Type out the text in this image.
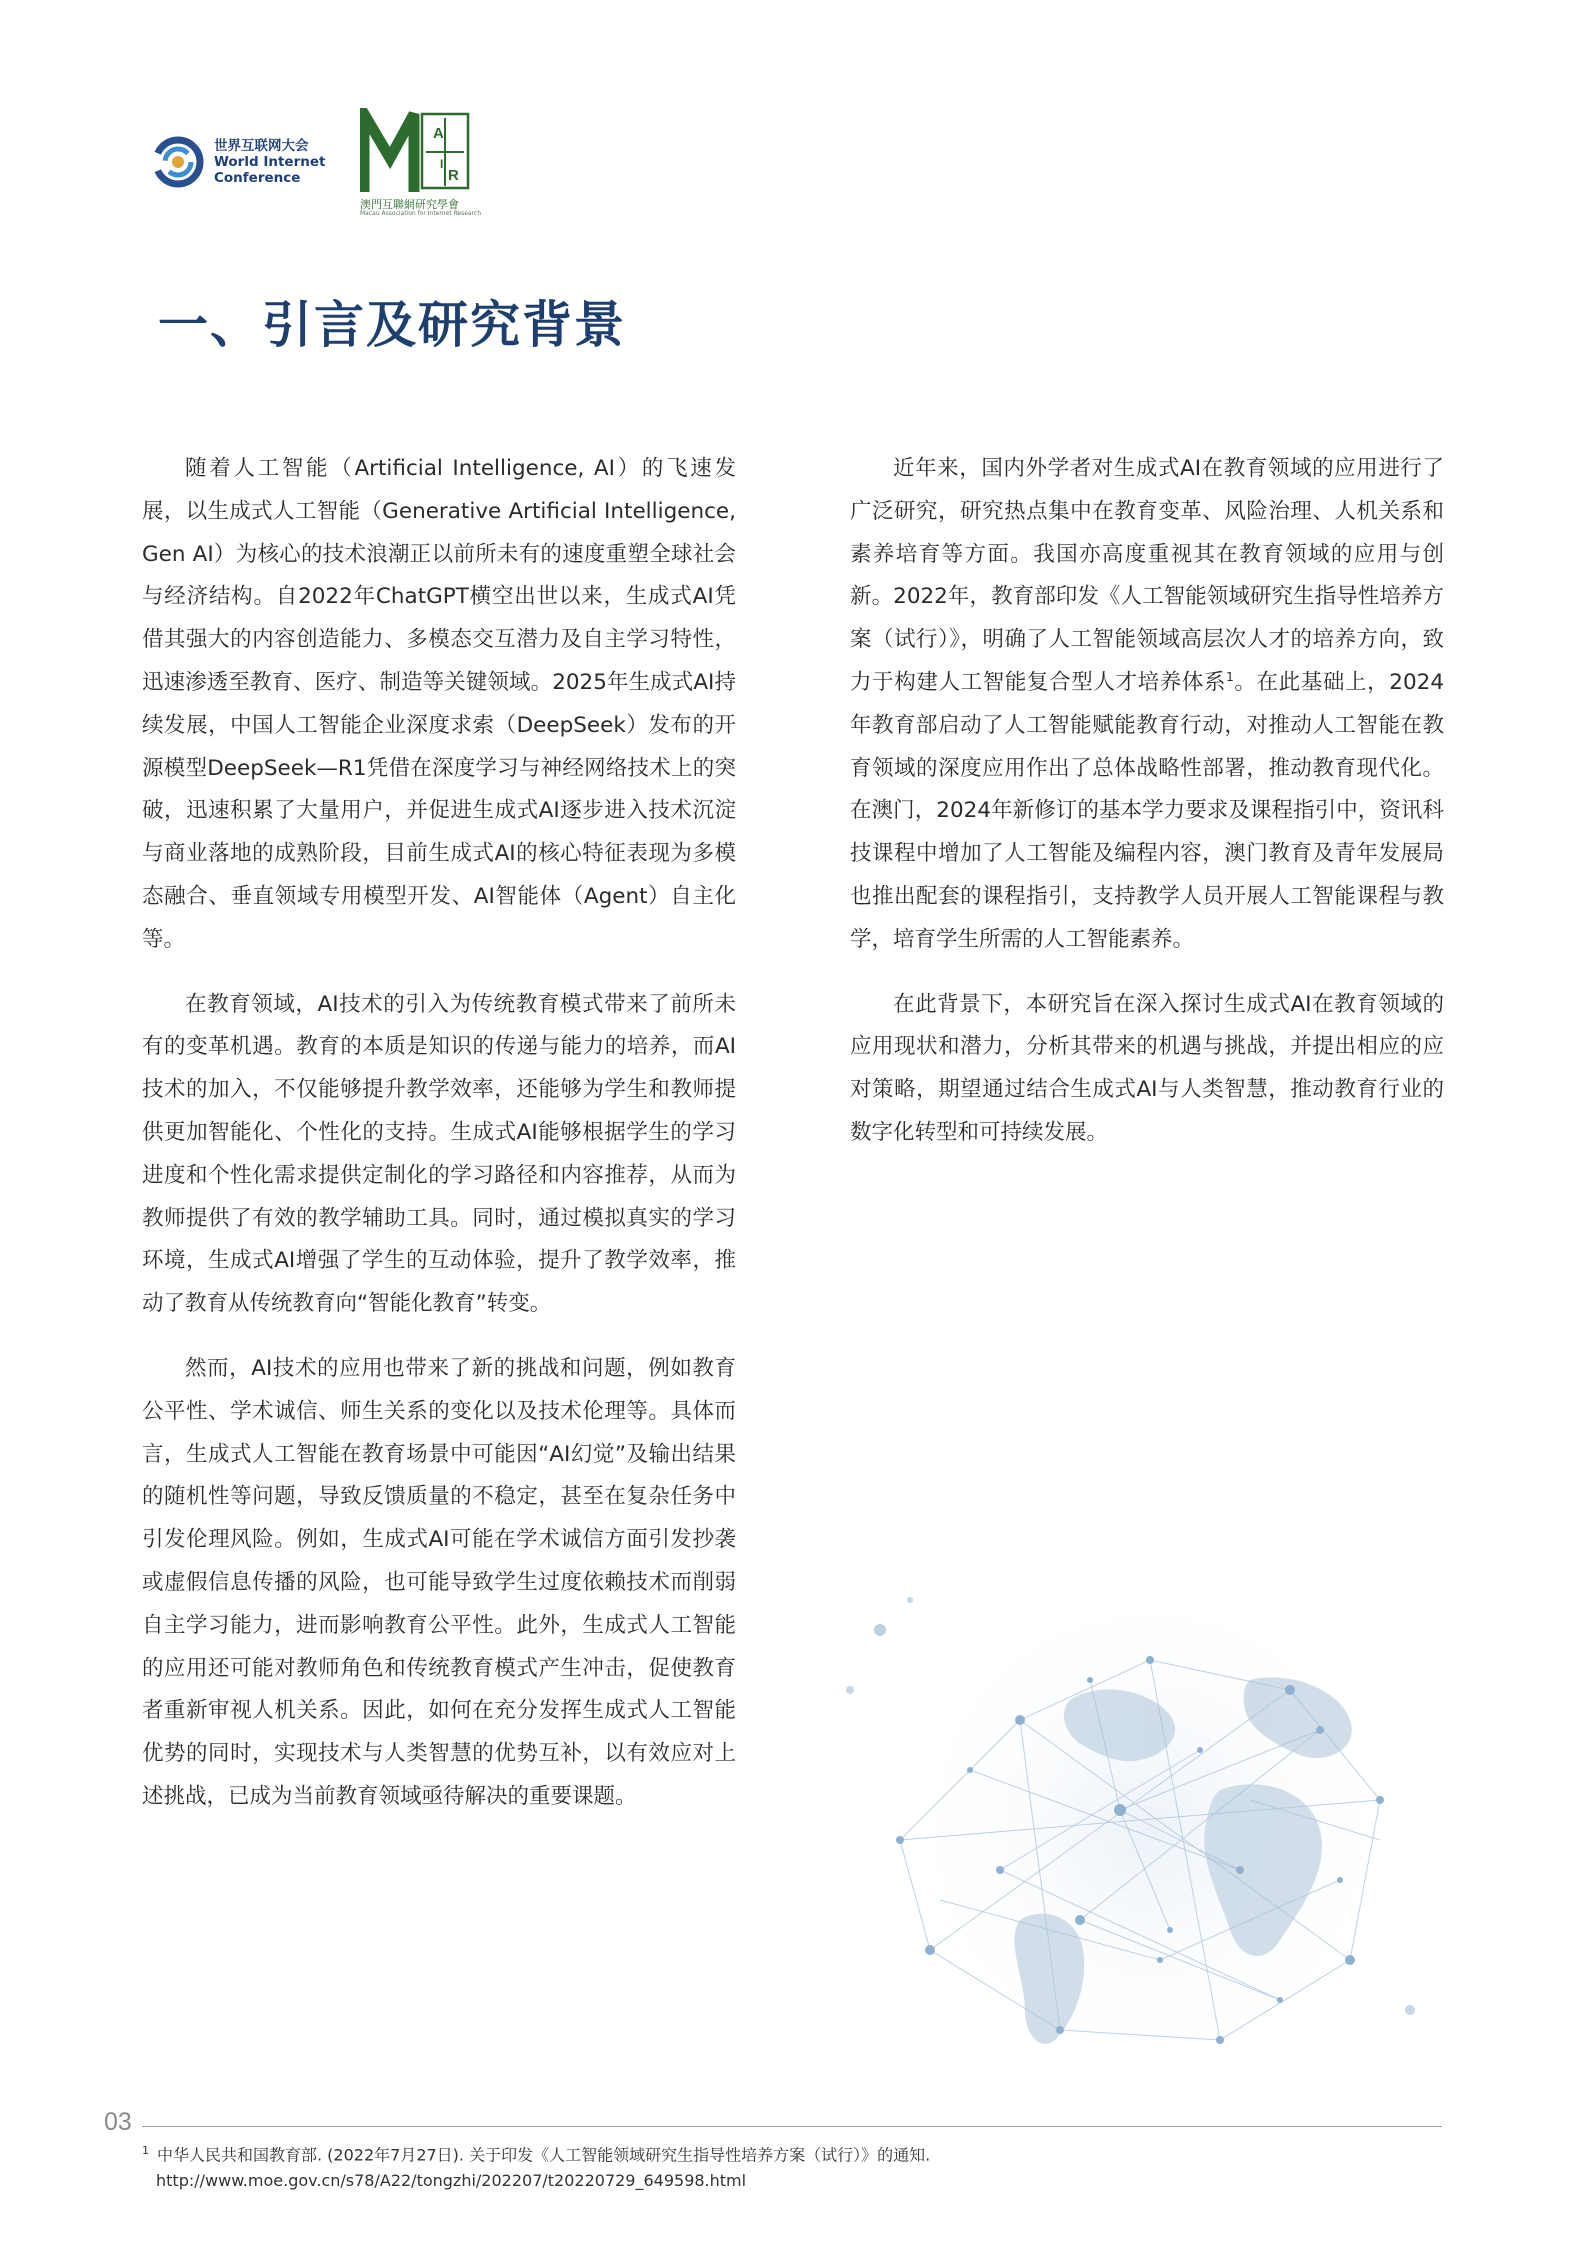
世界互联网大会
World Internet
Conference
A
R
I
澳門互聯網研究學會
Macau Association for Internet Research
一、引言及研究背景

随着人工智能（Artificial Intelligence, AI）的飞速发展，以生成式人工智能（Generative Artificial Intelligence, Gen AI）为核心的技术浪潮正以前所未有的速度重塑全球社会与经济结构。自2022年ChatGPT横空出世以来，生成式AI凭借其强大的内容创造能力、多模态交互潜力及自主学习特性，迅速渗透至教育、医疗、制造等关键领域。2025年生成式AI持续发展，中国人工智能企业深度求索（DeepSeek）发布的开源模型DeepSeek—R1凭借在深度学习与神经网络技术上的突破，迅速积累了大量用户，并促进生成式AI逐步进入技术沉淀与商业落地的成熟阶段，目前生成式AI的核心特征表现为多模态融合、垂直领域专用模型开发、AI智能体（Agent）自主化等。

在教育领域，AI技术的引入为传统教育模式带来了前所未有的变革机遇。教育的本质是知识的传递与能力的培养，而AI技术的加入，不仅能够提升教学效率，还能够为学生和教师提供更加智能化、个性化的支持。生成式AI能够根据学生的学习进度和个性化需求提供定制化的学习路径和内容推荐，从而为教师提供了有效的教学辅助工具。同时，通过模拟真实的学习环境，生成式AI增强了学生的互动体验，提升了教学效率，推动了教育从传统教育向“智能化教育”转变。

然而，AI技术的应用也带来了新的挑战和问题，例如教育公平性、学术诚信、师生关系的变化以及技术伦理等。具体而言，生成式人工智能在教育场景中可能因“AI幻觉”及输出结果的随机性等问题，导致反馈质量的不稳定，甚至在复杂任务中引发伦理风险。例如，生成式AI可能在学术诚信方面引发抄袭或虚假信息传播的风险，也可能导致学生过度依赖技术而削弱自主学习能力，进而影响教育公平性。此外，生成式人工智能的应用还可能对教师角色和传统教育模式产生冲击，促使教育者重新审视人机关系。因此，如何在充分发挥生成式人工智能优势的同时，实现技术与人类智慧的优势互补，以有效应对上述挑战，已成为当前教育领域亟待解决的重要课题。

近年来，国内外学者对生成式AI在教育领域的应用进行了广泛研究，研究热点集中在教育变革、风险治理、人机关系和素养培育等方面。我国亦高度重视其在教育领域的应用与创新。2022年，教育部印发《人工智能领域研究生指导性培养方案（试行）》，明确了人工智能领域高层次人才的培养方向，致力于构建人工智能复合型人才培养体系$^1$。在此基础上，2024年教育部启动了人工智能赋能教育行动，对推动人工智能在教育领域的深度应用作出了总体战略性部署，推动教育现代化。在澳门，2024年新修订的基本学力要求及课程指引中，资讯科技课程中增加了人工智能及编程内容，澳门教育及青年发展局也推出配套的课程指引，支持教学人员开展人工智能课程与教学，培育学生所需的人工智能素养。

在此背景下，本研究旨在深入探讨生成式AI在教育领域的应用现状和潜力，分析其带来的机遇与挑战，并提出相应的应对策略，期望通过结合生成式AI与人类智慧，推动教育行业的数字化转型和可持续发展。

03
$^1$ 中华人民共和国教育部. (2022年7月27日). 关于印发《人工智能领域研究生指导性培养方案（试行）》的通知.
http://www.moe.gov.cn/s78/A22/tongzhi/202207/t20220729_649598.html
